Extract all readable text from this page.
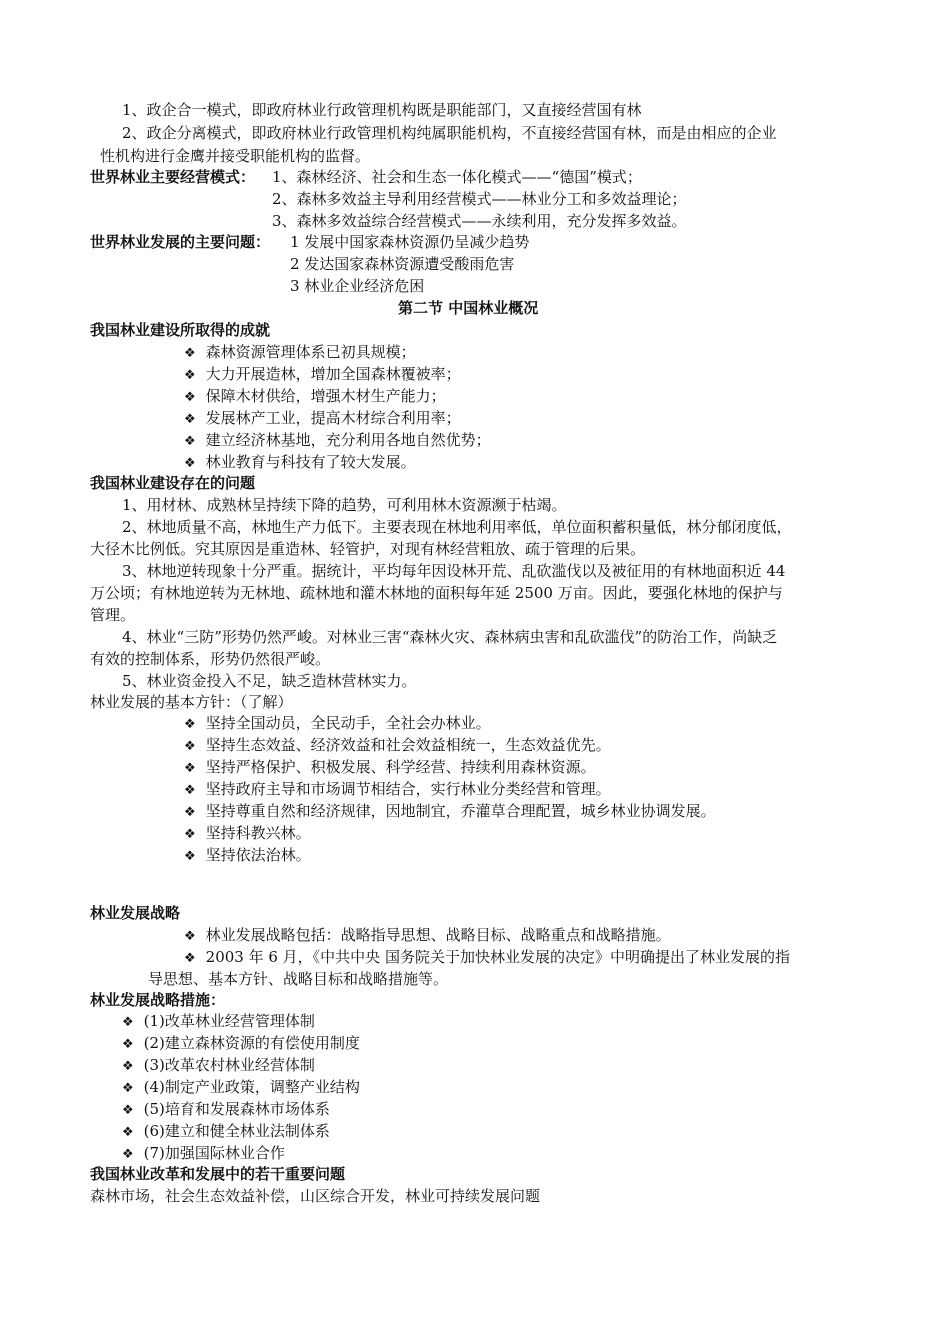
1、政企合一模式，即政府林业行政管理机构既是职能部门，又直接经营国有林
2、政企分离模式，即政府林业行政管理机构纯属职能机构，不直接经营国有林，而是由相应的企业
性机构进行金鹰并接受职能机构的监督。
世界林业主要经营模式： 1、森林经济、社会和生态一体化模式——“德国”模式；
2、森林多效益主导利用经营模式——林业分工和多效益理论；
3、森林多效益综合经营模式——永续利用，充分发挥多效益。
世界林业发展的主要问题： 1 发展中国家森林资源仍呈减少趋势
2 发达国家森林资源遭受酸雨危害
3 林业企业经济危困
第二节 中国林业概况
我国林业建设所取得的成就
❖ 森林资源管理体系已初具规模；
❖ 大力开展造林，增加全国森林覆被率；
❖ 保障木材供给，增强木材生产能力；
❖ 发展林产工业，提高木材综合利用率；
❖ 建立经济林基地，充分利用各地自然优势；
❖ 林业教育与科技有了较大发展。
我国林业建设存在的问题
1、用材林、成熟林呈持续下降的趋势，可利用林木资源濒于枯竭。
2、林地质量不高，林地生产力低下。主要表现在林地利用率低，单位面积蓄积量低，林分郁闭度低，
大径木比例低。究其原因是重造林、轻管护，对现有林经营粗放、疏于管理的后果。
3、林地逆转现象十分严重。据统计，平均每年因设林开荒、乱砍滥伐以及被征用的有林地面积近 44
万公顷；有林地逆转为无林地、疏林地和灌木林地的面积每年延 2500 万亩。因此，要强化林地的保护与
管理。
4、林业“三防”形势仍然严峻。对林业三害“森林火灾、森林病虫害和乱砍滥伐”的防治工作，尚缺乏
有效的控制体系，形势仍然很严峻。
5、林业资金投入不足，缺乏造林营林实力。
林业发展的基本方针：（了解）
❖ 坚持全国动员，全民动手，全社会办林业。
❖ 坚持生态效益、经济效益和社会效益相统一，生态效益优先。
❖ 坚持严格保护、积极发展、科学经营、持续利用森林资源。
❖ 坚持政府主导和市场调节相结合，实行林业分类经营和管理。
❖ 坚持尊重自然和经济规律，因地制宜，乔灌草合理配置，城乡林业协调发展。
❖ 坚持科教兴林。
❖ 坚持依法治林。
林业发展战略
❖ 林业发展战略包括：战略指导思想、战略目标、战略重点和战略措施。
❖ 2003 年 6 月，《中共中央 国务院关于加快林业发展的决定》中明确提出了林业发展的指
导思想、基本方针、战略目标和战略措施等。
林业发展战略措施：
❖ (1)改革林业经营管理体制
❖ (2)建立森林资源的有偿使用制度
❖ (3)改革农村林业经营体制
❖ (4)制定产业政策，调整产业结构
❖ (5)培育和发展森林市场体系
❖ (6)建立和健全林业法制体系
❖ (7)加强国际林业合作
我国林业改革和发展中的若干重要问题
森林市场，社会生态效益补偿，山区综合开发，林业可持续发展问题
